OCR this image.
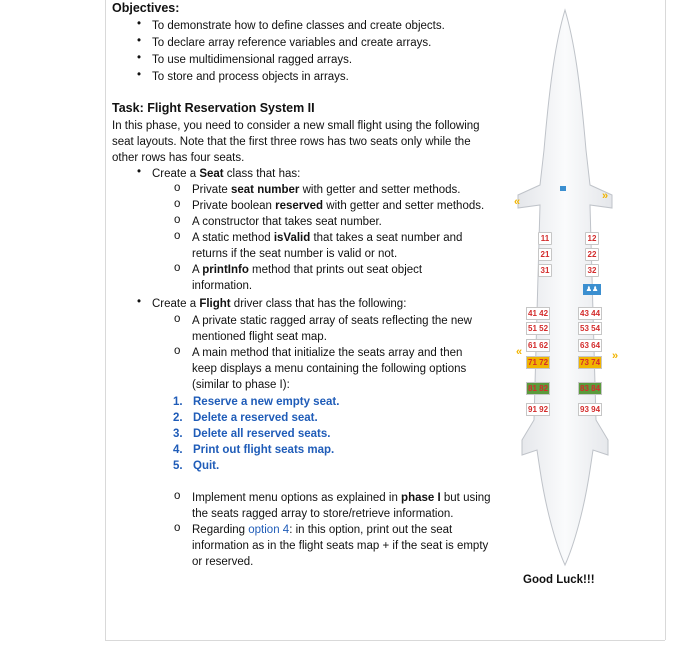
Objectives:
• To demonstrate how to define classes and create objects.
• To declare array reference variables and create arrays.
• To use multidimensional ragged arrays.
• To store and process objects in arrays.
Task: Flight Reservation System II
In this phase, you need to consider a new small flight using the following
seat layouts. Note that the first three rows has two seats only while the
other rows has four seats.
• Create a Seat class that has:
o Private seat number with getter and setter methods.
o Private boolean reserved with getter and setter methods.
o A constructor that takes seat number.
o A static method isValid that takes a seat number and
returns if the seat number is valid or not.
o A printInfo method that prints out seat object
information.
• Create a Flight driver class that has the following:
o A private static ragged array of seats reflecting the new
mentioned flight seat map.
o A main method that initialize the seats array and then
keep displays a menu containing the following options
(similar to phase I):
1. Reserve a new empty seat.
2. Delete a reserved seat.
3. Delete all reserved seats.
4. Print out flight seats map.
5. Quit.
o Implement menu options as explained in phase I but using
the seats ragged array to store/retrieve information.
o Regarding option 4: in this option, print out the seat
information as in the flight seats map + if the seat is empty
or reserved.
11	12
21	22
31	32
41 42	43 44
51 52	53 54
61 62	63 64
71 72	73 74
81 82	83 84
91 92	93 94
«	»
«	»
♟♟
Good Luck!!!
